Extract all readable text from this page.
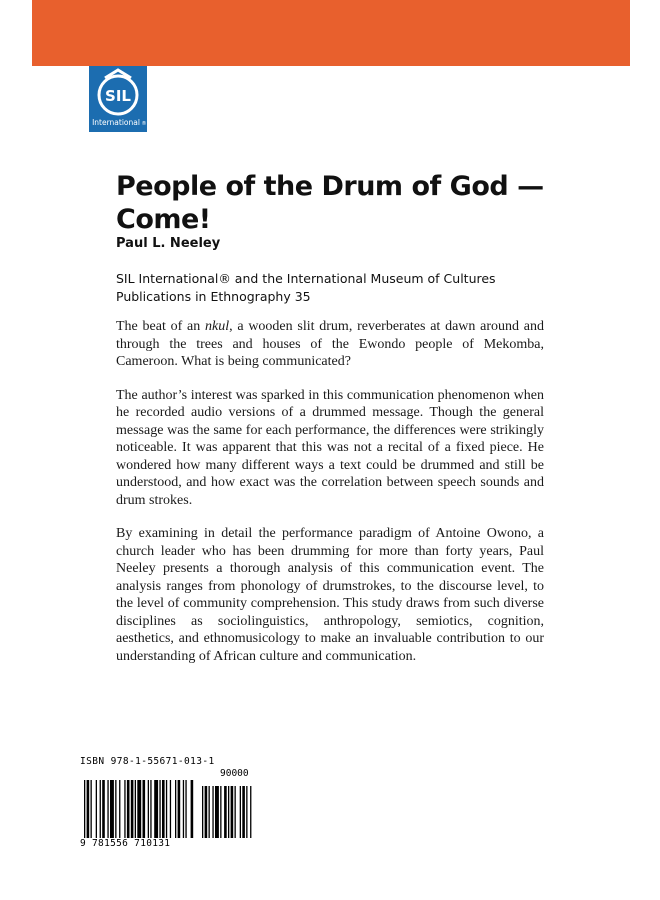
SIL
International ®
People of the Drum of God — Come!

Paul L. Neeley

SIL International® and the International Museum of Cultures
Publications in Ethnography 35

The beat of an nkul, a wooden slit drum, reverberates at dawn around and through the trees and houses of the Ewondo people of Mekomba, Cameroon. What is being communicated?

The author’s interest was sparked in this communication phenomenon when he recorded audio versions of a drummed message. Though the general message was the same for each performance, the differences were strikingly noticeable. It was apparent that this was not a recital of a fixed piece. He wondered how many different ways a text could be drummed and still be understood, and how exact was the correlation between speech sounds and drum strokes.

By examining in detail the performance paradigm of Antoine Owono, a church leader who has been drumming for more than forty years, Paul Neeley presents a thorough analysis of this communication event. The analysis ranges from phonology of drumstrokes, to the discourse level, to the level of community comprehension. This study draws from such diverse disciplines as sociolinguistics, anthropology, semiotics, cognition, aesthetics, and ethnomusicology to make an invaluable contribution to our understanding of African culture and communication.

ISBN 978-1-55671-013-1
90000
9 781556 710131
